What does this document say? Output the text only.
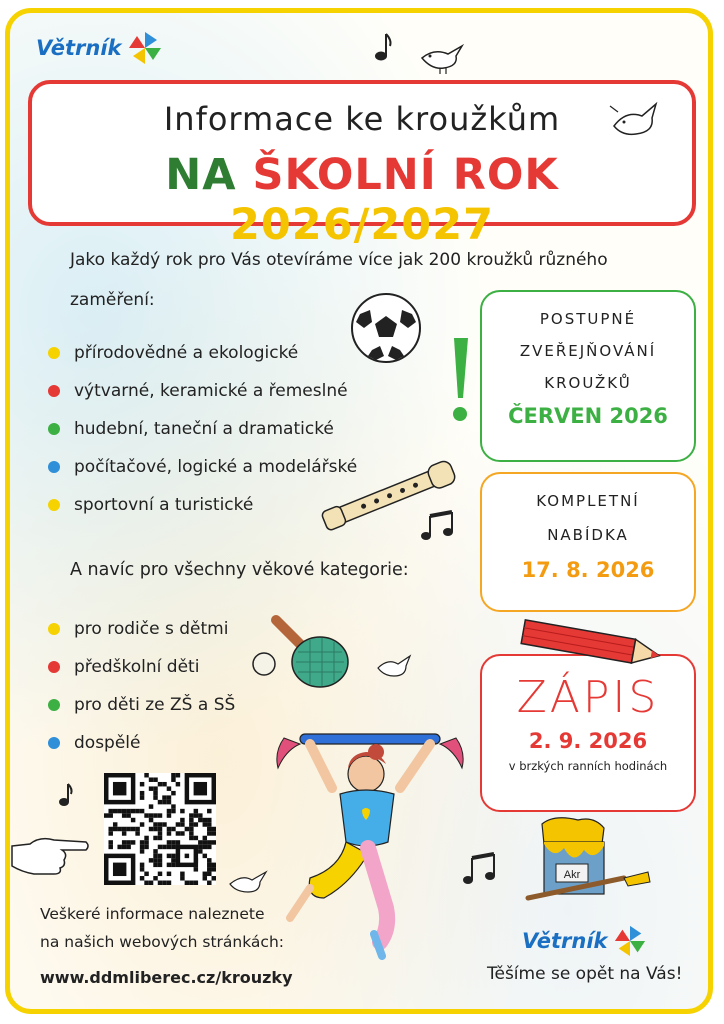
Větrník
Informace ke kroužkům
NA ŠKOLNÍ ROK 2026/2027
Jako každý rok pro Vás otevíráme více jak 200 kroužků různého
zaměření:
přírodovědné a ekologické
výtvarné, keramické a řemeslné
hudební, taneční a dramatické
počítačové, logické a modelářské
sportovní a turistické
A navíc pro všechny věkové kategorie:
pro rodiče s dětmi
předškolní děti
pro děti ze ZŠ a SŠ
dospělé
POSTUPNÉ
ZVEŘEJŇOVÁNÍ
KROUŽKŮ
ČERVEN 2026
KOMPLETNÍ
NABÍDKA
17. 8. 2026
ZÁPIS
2. 9. 2026
v brzkých ranních hodinách
Akr
Veškeré informace naleznete
na našich webových stránkách:
www.ddmliberec.cz/krouzky
Větrník
Těšíme se opět na Vás!
